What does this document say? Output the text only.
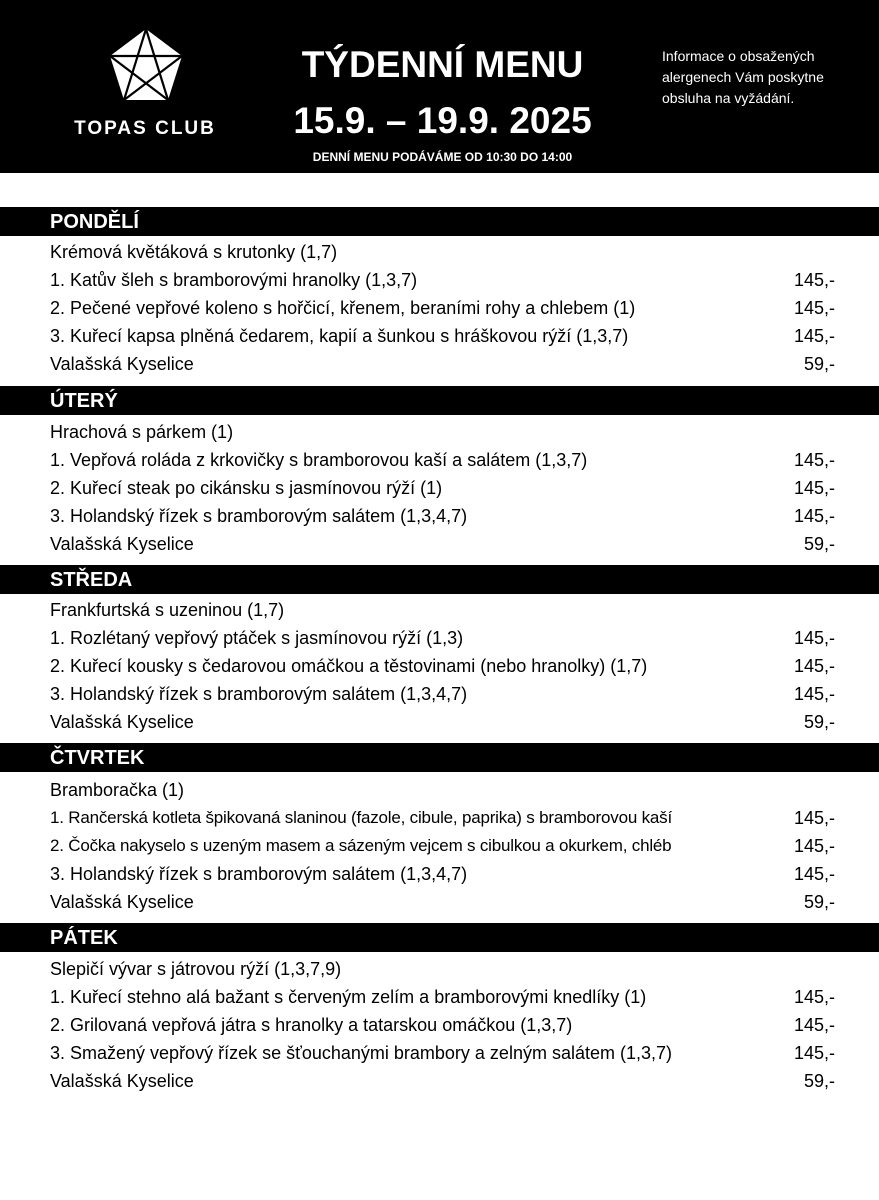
TOPAS CLUB
TÝDENNÍ MENU
15.9. – 19.9. 2025
DENNÍ MENU PODÁVÁME OD 10:30 DO 14:00
Informace o obsažených alergenech Vám poskytne obsluha na vyžádání.
PONDĚLÍ
Krémová květáková s krutonky (1,7)
1. Katův šleh s bramborovými hranolky (1,3,7)	145,-
2. Pečené vepřové koleno s hořčicí, křenem, beraními rohy a chlebem (1)	145,-
3. Kuřecí kapsa plněná čedarem, kapií a šunkou s hráškovou rýží (1,3,7)	145,-
Valašská Kyselice	59,-
ÚTERÝ
Hrachová s párkem (1)
1. Vepřová roláda z krkovičky s bramborovou kaší a salátem (1,3,7)	145,-
2. Kuřecí steak po cikánsku s jasmínovou rýží (1)	145,-
3. Holandský řízek s bramborovým salátem (1,3,4,7)	145,-
Valašská Kyselice	59,-
STŘEDA
Frankfurtská s uzeninou (1,7)
1. Rozlétaný vepřový ptáček s jasmínovou rýží (1,3)	145,-
2. Kuřecí kousky s čedarovou omáčkou a těstovinami (nebo hranolky) (1,7)	145,-
3. Holandský řízek s bramborovým salátem (1,3,4,7)	145,-
Valašská Kyselice	59,-
ČTVRTEK
Bramboračka (1)
1. Rančerská kotleta špikovaná slaninou (fazole, cibule, paprika) s bramborovou kaší	145,-
2. Čočka nakyselo s uzeným masem a sázeným vejcem s cibulkou a okurkem, chléb	145,-
3. Holandský řízek s bramborovým salátem (1,3,4,7)	145,-
Valašská Kyselice	59,-
PÁTEK
Slepičí vývar s játrovou rýží (1,3,7,9)
1. Kuřecí stehno alá bažant s červeným zelím a bramborovými knedlíky (1)	145,-
2. Grilovaná vepřová játra s hranolky a tatarskou omáčkou (1,3,7)	145,-
3. Smažený vepřový řízek se šťouchanými brambory a zelným salátem (1,3,7)	145,-
Valašská Kyselice	59,-
